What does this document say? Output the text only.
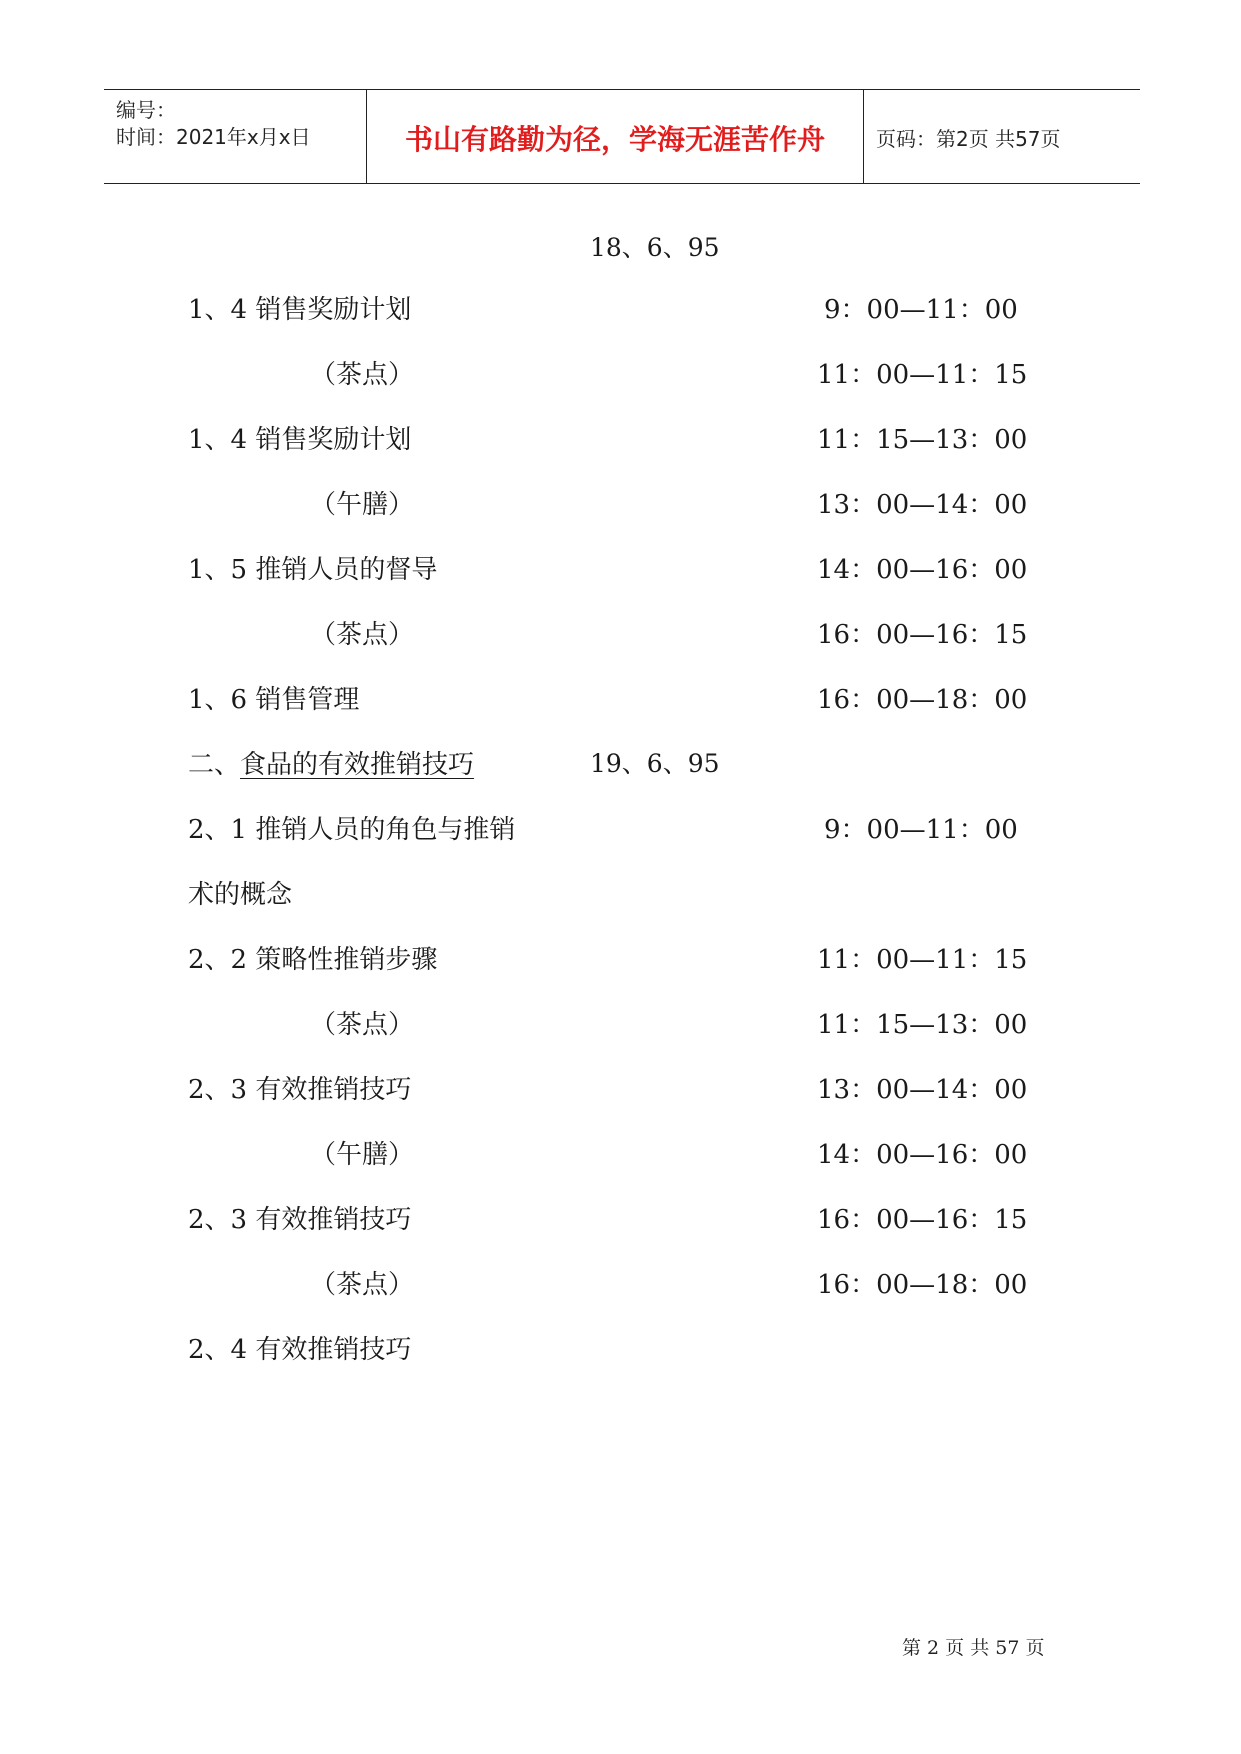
编号：
时间：2021年x月x日	书山有路勤为径，学海无涯苦作舟	页码：第2页 共57页
18、6、95
1、4 销售奖励计划	9：00—11：00
（茶点）	11：00—11：15
1、4 销售奖励计划	11：15—13：00
（午膳）	13：00—14：00
1、5 推销人员的督导	14：00—16：00
（茶点）	16：00—16：15
1、6 销售管理	16：00—18：00
二、食品的有效推销技巧	19、6、95
2、1 推销人员的角色与推销	9：00—11：00
术的概念
2、2 策略性推销步骤	11：00—11：15
（茶点）	11：15—13：00
2、3 有效推销技巧	13：00—14：00
（午膳）	14：00—16：00
2、3 有效推销技巧	16：00—16：15
（茶点）	16：00—18：00
2、4 有效推销技巧
第 2 页 共 57 页
